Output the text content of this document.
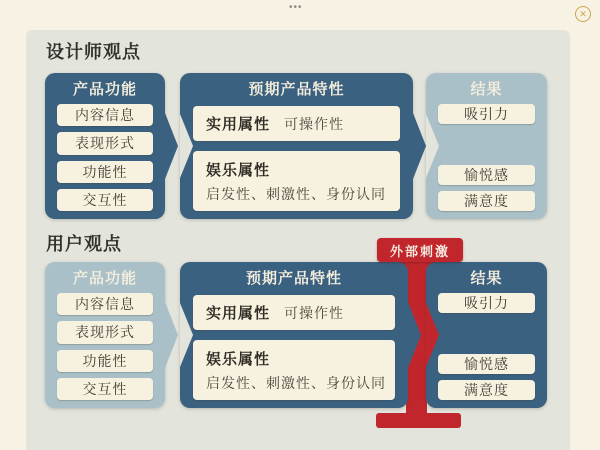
•••
✕
设计师观点
产品功能
内容信息
表现形式
功能性
交互性
预期产品特性
实用属性 可操作性
娱乐属性
启发性、刺激性、身份认同
结果
吸引力
愉悦感
满意度
用户观点	外部刺激
产品功能
内容信息
表现形式
功能性
交互性
预期产品特性
实用属性 可操作性
娱乐属性
启发性、刺激性、身份认同
结果
吸引力
愉悦感
满意度
